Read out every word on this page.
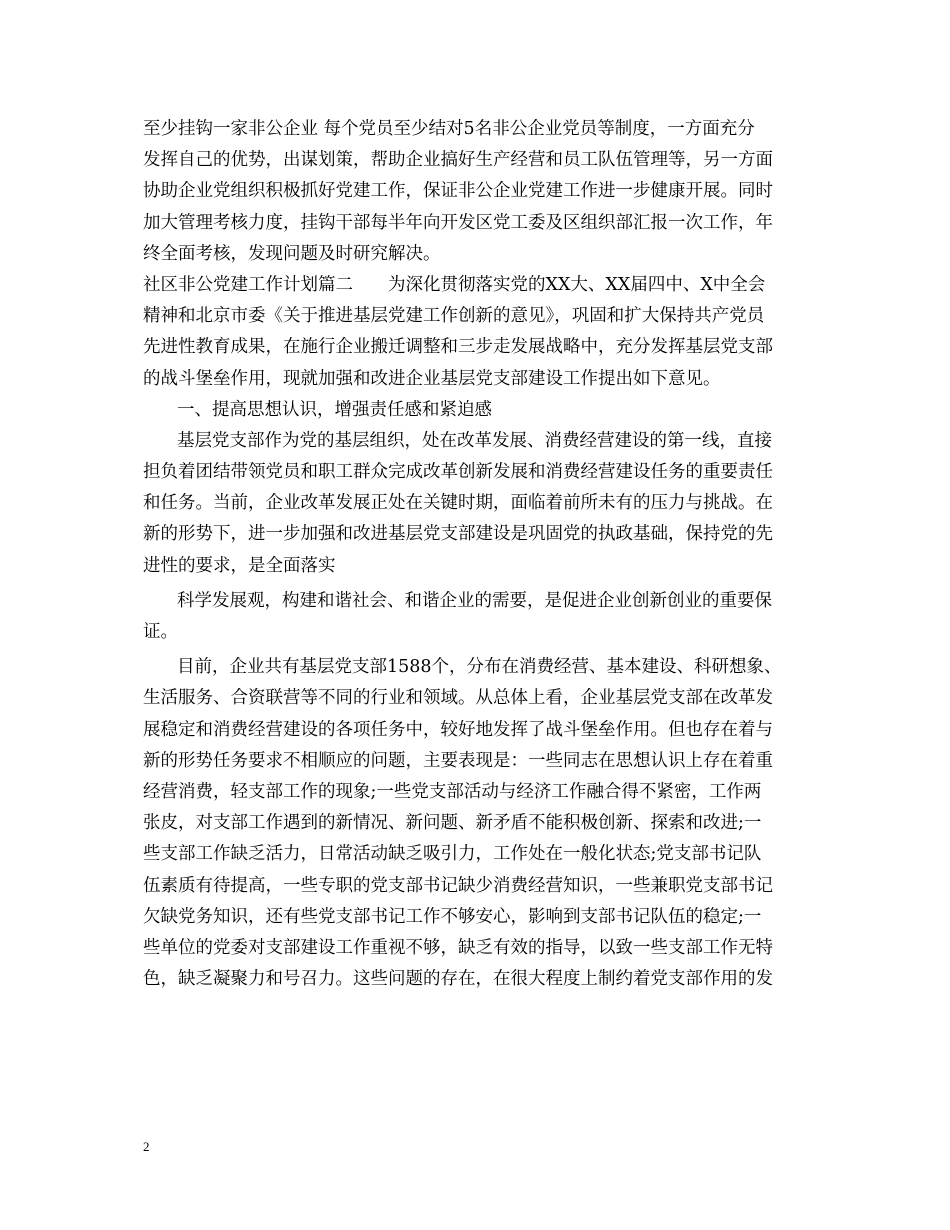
至少挂钩一家非公企业 每个党员至少结对5名非公企业党员等制度，一方面充分
发挥自己的优势，出谋划策，帮助企业搞好生产经营和员工队伍管理等，另一方面
协助企业党组织积极抓好党建工作，保证非公企业党建工作进一步健康开展。同时
加大管理考核力度，挂钩干部每半年向开发区党工委及区组织部汇报一次工作，年
终全面考核，发现问题及时研究解决。
社区非公党建工作计划篇二　　为深化贯彻落实党的XX大、XX届四中、X中全会
精神和北京市委《关于推进基层党建工作创新的意见》，巩固和扩大保持共产党员
先进性教育成果，在施行企业搬迁调整和三步走发展战略中，充分发挥基层党支部
的战斗堡垒作用，现就加强和改进企业基层党支部建设工作提出如下意见。
一、提高思想认识，增强责任感和紧迫感
基层党支部作为党的基层组织，处在改革发展、消费经营建设的第一线，直接
担负着团结带领党员和职工群众完成改革创新发展和消费经营建设任务的重要责任
和任务。当前，企业改革发展正处在关键时期，面临着前所未有的压力与挑战。在
新的形势下，进一步加强和改进基层党支部建设是巩固党的执政基础，保持党的先
进性的要求，是全面落实
科学发展观，构建和谐社会、和谐企业的需要，是促进企业创新创业的重要保
证。
目前，企业共有基层党支部1588个，分布在消费经营、基本建设、科研想象、
生活服务、合资联营等不同的行业和领域。从总体上看，企业基层党支部在改革发
展稳定和消费经营建设的各项任务中，较好地发挥了战斗堡垒作用。但也存在着与
新的形势任务要求不相顺应的问题，主要表现是：一些同志在思想认识上存在着重
经营消费，轻支部工作的现象;一些党支部活动与经济工作融合得不紧密，工作两
张皮，对支部工作遇到的新情况、新问题、新矛盾不能积极创新、探索和改进;一
些支部工作缺乏活力，日常活动缺乏吸引力，工作处在一般化状态;党支部书记队
伍素质有待提高，一些专职的党支部书记缺少消费经营知识，一些兼职党支部书记
欠缺党务知识，还有些党支部书记工作不够安心，影响到支部书记队伍的稳定;一
些单位的党委对支部建设工作重视不够，缺乏有效的指导，以致一些支部工作无特
色，缺乏凝聚力和号召力。这些问题的存在，在很大程度上制约着党支部作用的发
2
